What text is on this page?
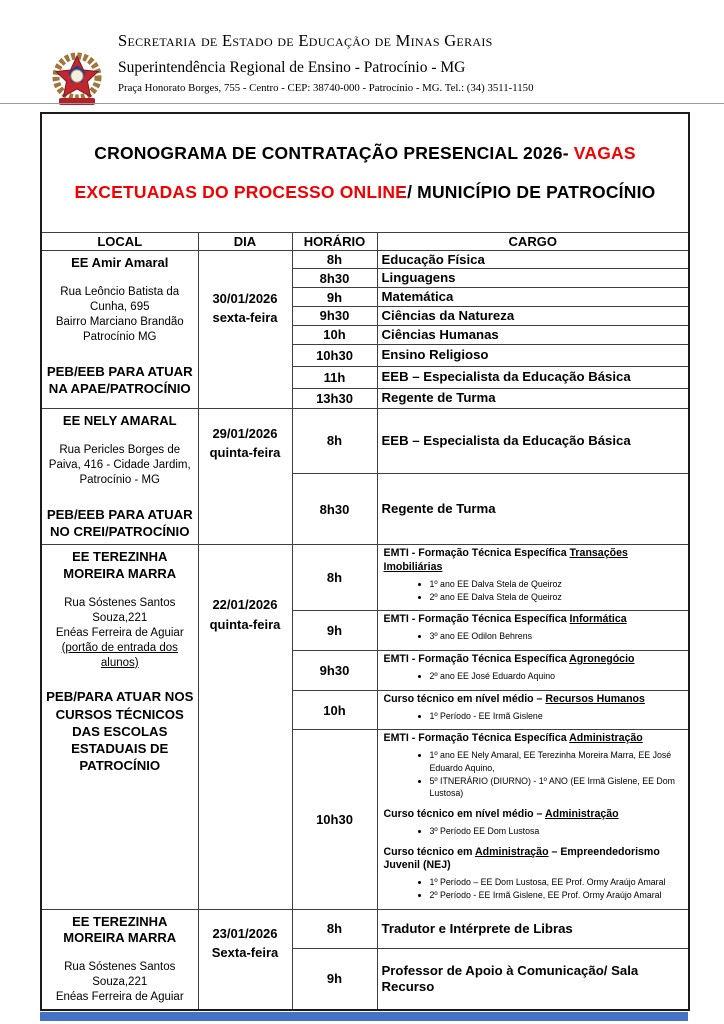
Secretaria de Estado de Educação de Minas Gerais
Superintendência Regional de Ensino - Patrocínio - MG
Praça Honorato Borges, 755 - Centro - CEP: 38740-000 - Patrocínio - MG. Tel.: (34) 3511-1150
CRONOGRAMA DE CONTRATAÇÃO PRESENCIAL 2026- VAGAS EXCETUADAS DO PROCESSO ONLINE/ MUNICÍPIO DE PATROCÍNIO			
LOCAL	DIA	HORÁRIO	CARGO

EE Amir Amaral
Rua Leôncio Batista da Cunha, 695
Bairro Marciano Brandão
Patrocínio MG
PEB/EEB PARA ATUAR NA APAE/PATROCÍNIO

30/01/2026
sexta-feira
	8h	Educação Física

		8h30	Linguagens

		9h	Matemática

		9h30	Ciências da Natureza

		10h	Ciências Humanas

		10h30	Ensino Religioso

		11h	EEB – Especialista da Educação Básica

		13h30	Regente de Turma

EE NELY AMARAL
Rua Pericles Borges de Paiva, 416 - Cidade Jardim, Patrocínio - MG
PEB/EEB PARA ATUAR NO CREI/PATROCÍNIO

29/01/2026
quinta-feira
	8h	EEB – Especialista da Educação Básica

		8h30	Regente de Turma

EE TEREZINHA MOREIRA MARRA
Rua Sóstenes Santos Souza,221
Enéas Ferreira de Aguiar
(portão de entrada dos alunos)
PEB/PARA ATUAR NOS CURSOS TÉCNICOS DAS ESCOLAS ESTADUAIS DE PATROCÍNIO

22/01/2026
quinta-feira
	8h	
EMTI - Formação Técnica Específica Transações Imobiliárias
• 1º ano EE Dalva Stela de Queiroz
• 2º ano EE Dalva Stela de Queiroz

9h	
EMTI - Formação Técnica Específica Informática
• 3º ano EE Odilon Behrens

9h30	
EMTI - Formação Técnica Específica Agronegócio
• 2º ano EE José Eduardo Aquino

10h	
Curso técnico em nível médio – Recursos Humanos
• 1º Período - EE Irmã Gislene

10h30	
EMTI - Formação Técnica Específica Administração
• 1º ano EE Nely Amaral, EE Terezinha Moreira Marra, EE José Eduardo Aquino,
• 5º ITNERÁRIO (DIURNO) - 1º ANO (EE Irmã Gislene, EE Dom Lustosa)
Curso técnico em nível médio – Administração
• 3º Período EE Dom Lustosa
Curso técnico em Administração – Empreendedorismo Juvenil (NEJ)
• 1º Período – EE Dom Lustosa, EE Prof. Ormy Araújo Amaral
• 2º Período - EE Irmã Gislene, EE Prof. Ormy Araújo Amaral

EE TEREZINHA MOREIRA MARRA
Rua Sóstenes Santos Souza,221
Enéas Ferreira de Aguiar

23/01/2026
Sexta-feira
	8h	Tradutor e Intérprete de Libras

		9h	Professor de Apoio à Comunicação/ Sala Recurso
